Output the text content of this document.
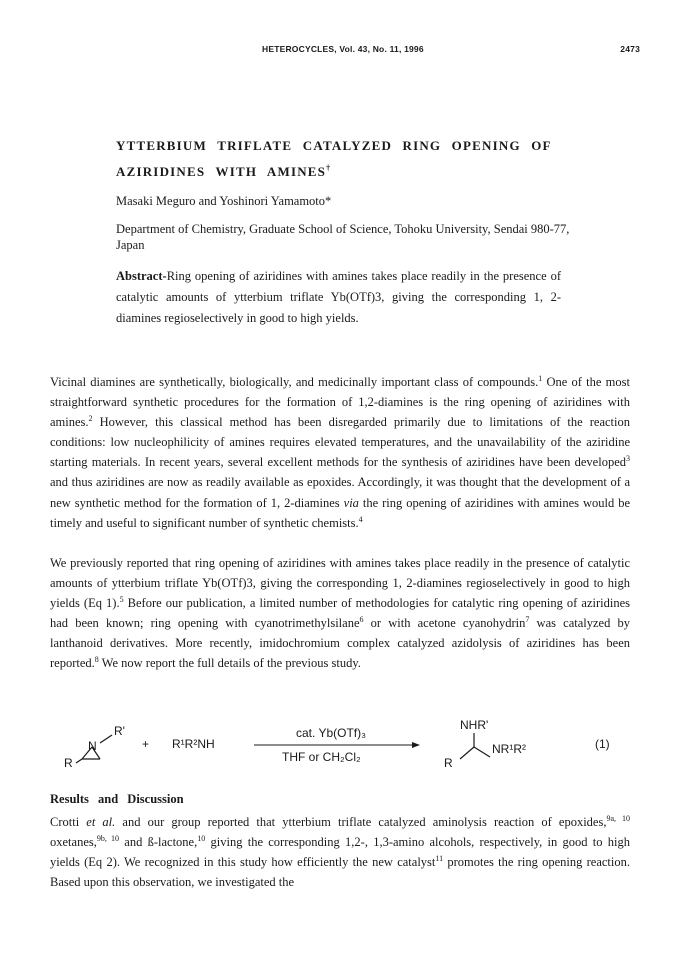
HETEROCYCLES, Vol. 43, No. 11, 1996	2473
YTTERBIUM TRIFLATE CATALYZED RING OPENING OF
AZIRIDINES WITH AMINES†
Masaki Meguro and Yoshinori Yamamoto*
Department of Chemistry, Graduate School of Science, Tohoku University, Sendai 980-77, Japan
Abstract-Ring opening of aziridines with amines takes place readily in the presence of catalytic amounts of ytterbium triflate Yb(OTf)3, giving the corresponding 1, 2-diamines regioselectively in good to high yields.
Vicinal diamines are synthetically, biologically, and medicinally important class of compounds.$^1$ One of the most straightforward synthetic procedures for the formation of 1,2-diamines is the ring opening of aziridines with amines.$^2$ However, this classical method has been disregarded primarily due to limitations of the reaction conditions: low nucleophilicity of amines requires elevated temperatures, and the unavailability of the aziridine starting materials. In recent years, several excellent methods for the synthesis of aziridines have been developed$^3$ and thus aziridines are now as readily available as epoxides. Accordingly, it was thought that the development of a new synthetic method for the formation of 1, 2-diamines via the ring opening of aziridines with amines would be timely and useful to significant number of synthetic chemists.$^4$
We previously reported that ring opening of aziridines with amines takes place readily in the presence of catalytic amounts of ytterbium triflate Yb(OTf)3, giving the corresponding 1, 2-diamines regioselectively in good to high yields (Eq 1).$^5$ Before our publication, a limited number of methodologies for catalytic ring opening of aziridines had been known; ring opening with cyanotrimethylsilane$^6$ or with acetone cyanohydrin$^7$ was catalyzed by lanthanoid derivatives. More recently, imidochromium complex catalyzed azidolysis of aziridines has been reported.$^8$ We now report the full details of the previous study.
N
R'
R
+ R¹R²NH
cat. Yb(OTf)₃
THF or CH₂Cl₂
NHR'
NR¹R²
R
(1)
Results and Discussion
Crotti et al. and our group reported that ytterbium triflate catalyzed aminolysis reaction of epoxides,$^{9a, 10}$ oxetanes,$^{9b, 10}$ and ß-lactone,$^{10}$ giving the corresponding 1,2-, 1,3-amino alcohols, respectively, in good to high yields (Eq 2). We recognized in this study how efficiently the new catalyst$^{11}$ promotes the ring opening reaction. Based upon this observation, we investigated the
